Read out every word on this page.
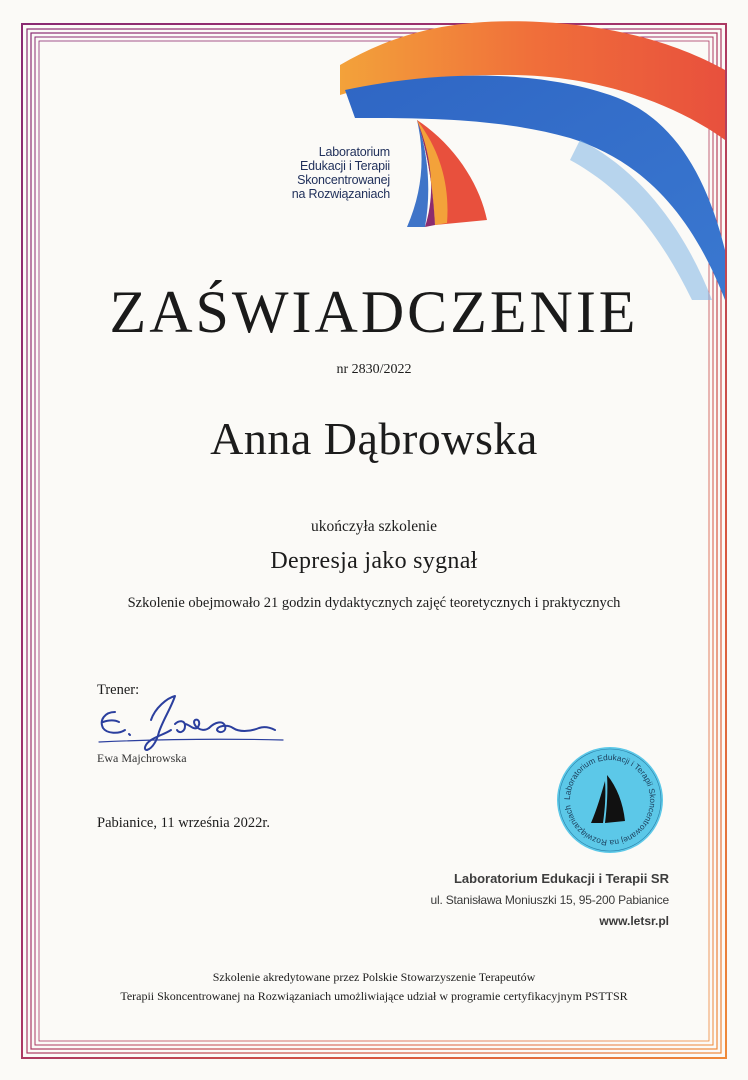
Laboratorium
Edukacji i Terapii
Skoncentrowanej
na Rozwiązaniach
ZAŚWIADCZENIE
nr 2830/2022
Anna Dąbrowska
ukończyła szkolenie
Depresja jako sygnał
Szkolenie obejmowało 21 godzin dydaktycznych zajęć teoretycznych i praktycznych
Trener:
Ewa Majchrowska
Pabianice, 11 września 2022r.
Laboratorium Edukacji i Terapii Skoncentrowanej na Rozwiązaniach
Laboratorium Edukacji i Terapii SR
ul. Stanisława Moniuszki 15, 95-200 Pabianice
www.letsr.pl
Szkolenie akredytowane przez Polskie Stowarzyszenie Terapeutów
Terapii Skoncentrowanej na Rozwiązaniach umożliwiające udział w programie certyfikacyjnym PSTTSR
